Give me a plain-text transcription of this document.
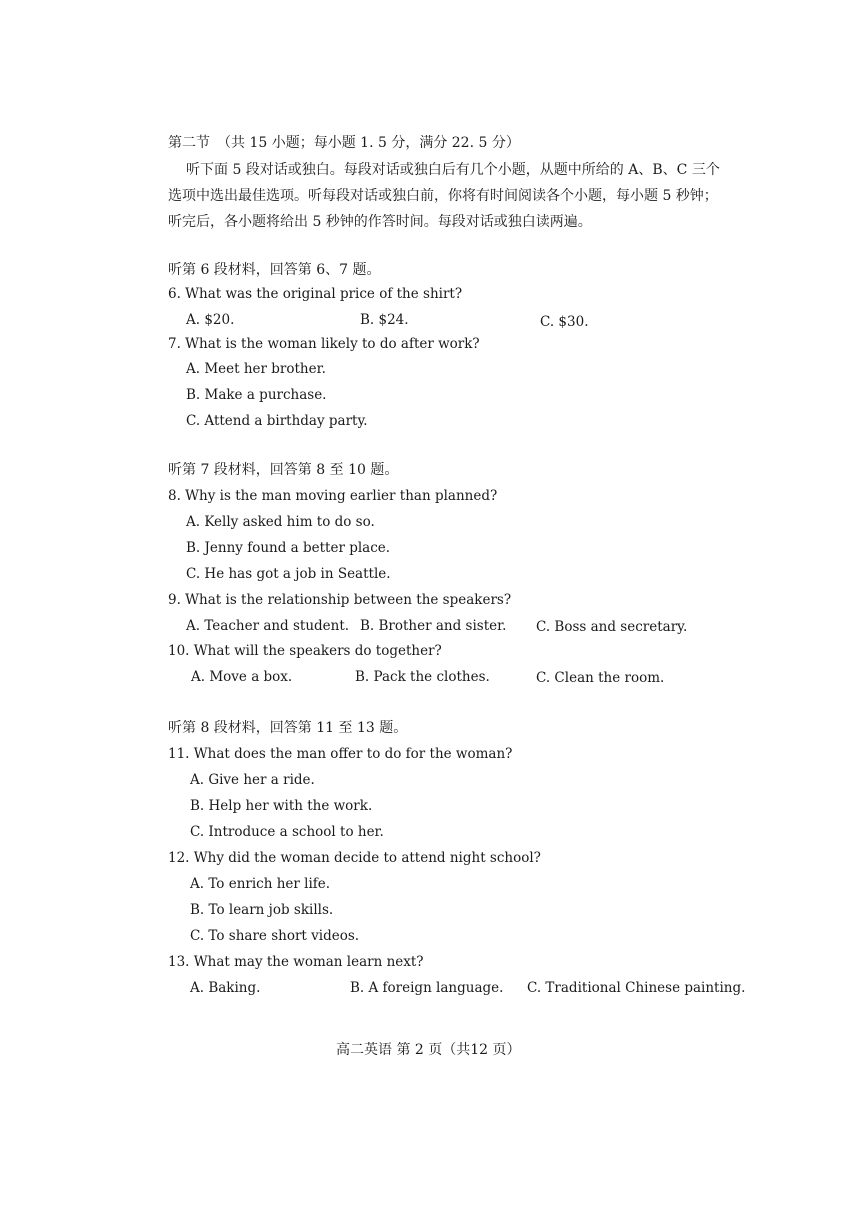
第二节　（共 15 小题；每小题 1. 5 分，满分 22. 5 分）
听下面 5 段对话或独白。每段对话或独白后有几个小题，从题中所给的 A、B、C 三个
选项中选出最佳选项。听每段对话或独白前，你将有时间阅读各个小题，每小题 5 秒钟；
听完后，各小题将给出 5 秒钟的作答时间。每段对话或独白读两遍。
听第 6 段材料，回答第 6、7 题。
6. What was the original price of the shirt?
A. $20.	B. $24.	C. $30.
7. What is the woman likely to do after work?
A. Meet her brother.
B. Make a purchase.
C. Attend a birthday party.
听第 7 段材料，回答第 8 至 10 题。
8. Why is the man moving earlier than planned?
A. Kelly asked him to do so.
B. Jenny found a better place.
C. He has got a job in Seattle.
9. What is the relationship between the speakers?
A. Teacher and student. B. Brother and sister. C. Boss and secretary.
10. What will the speakers do together?
A. Move a box.	B. Pack the clothes.	C. Clean the room.
听第 8 段材料，回答第 11 至 13 题。
11. What does the man offer to do for the woman?
A. Give her a ride.
B. Help her with the work.
C. Introduce a school to her.
12. Why did the woman decide to attend night school?
A. To enrich her life.
B. To learn job skills.
C. To share short videos.
13. What may the woman learn next?
A. Baking.	B. A foreign language. C. Traditional Chinese painting.
高二英语 第 2 页（共12 页）
